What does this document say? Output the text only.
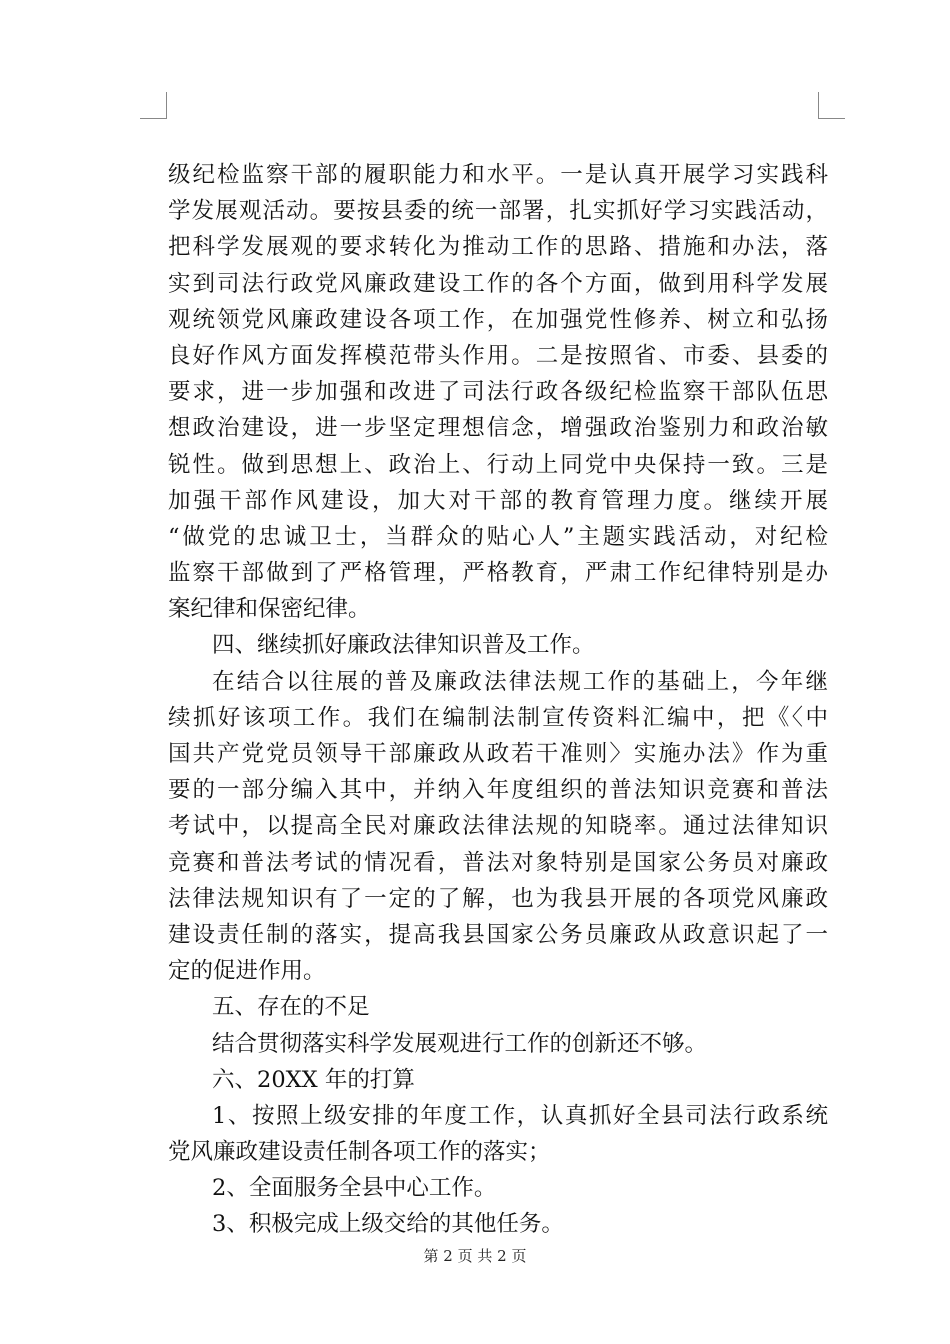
级纪检监察干部的履职能力和水平。一是认真开展学习实践科
学发展观活动。要按县委的统一部署，扎实抓好学习实践活动，
把科学发展观的要求转化为推动工作的思路、措施和办法，落
实到司法行政党风廉政建设工作的各个方面，做到用科学发展
观统领党风廉政建设各项工作，在加强党性修养、树立和弘扬
良好作风方面发挥模范带头作用。二是按照省、市委、县委的
要求，进一步加强和改进了司法行政各级纪检监察干部队伍思
想政治建设，进一步坚定理想信念，增强政治鉴别力和政治敏
锐性。做到思想上、政治上、行动上同党中央保持一致。三是
加强干部作风建设，加大对干部的教育管理力度。继续开展
“做党的忠诚卫士，当群众的贴心人”主题实践活动，对纪检
监察干部做到了严格管理，严格教育，严肃工作纪律特别是办
案纪律和保密纪律。
四、继续抓好廉政法律知识普及工作。
在结合以往展的普及廉政法律法规工作的基础上，今年继
续抓好该项工作。我们在编制法制宣传资料汇编中，把《〈中
国共产党党员领导干部廉政从政若干准则〉实施办法》作为重
要的一部分编入其中，并纳入年度组织的普法知识竞赛和普法
考试中，以提高全民对廉政法律法规的知晓率。通过法律知识
竞赛和普法考试的情况看，普法对象特别是国家公务员对廉政
法律法规知识有了一定的了解，也为我县开展的各项党风廉政
建设责任制的落实，提高我县国家公务员廉政从政意识起了一
定的促进作用。
五、存在的不足
结合贯彻落实科学发展观进行工作的创新还不够。
六、20XX 年的打算
1、按照上级安排的年度工作，认真抓好全县司法行政系统
党风廉政建设责任制各项工作的落实；
2、全面服务全县中心工作。
3、积极完成上级交给的其他任务。
第 2 页 共 2 页
